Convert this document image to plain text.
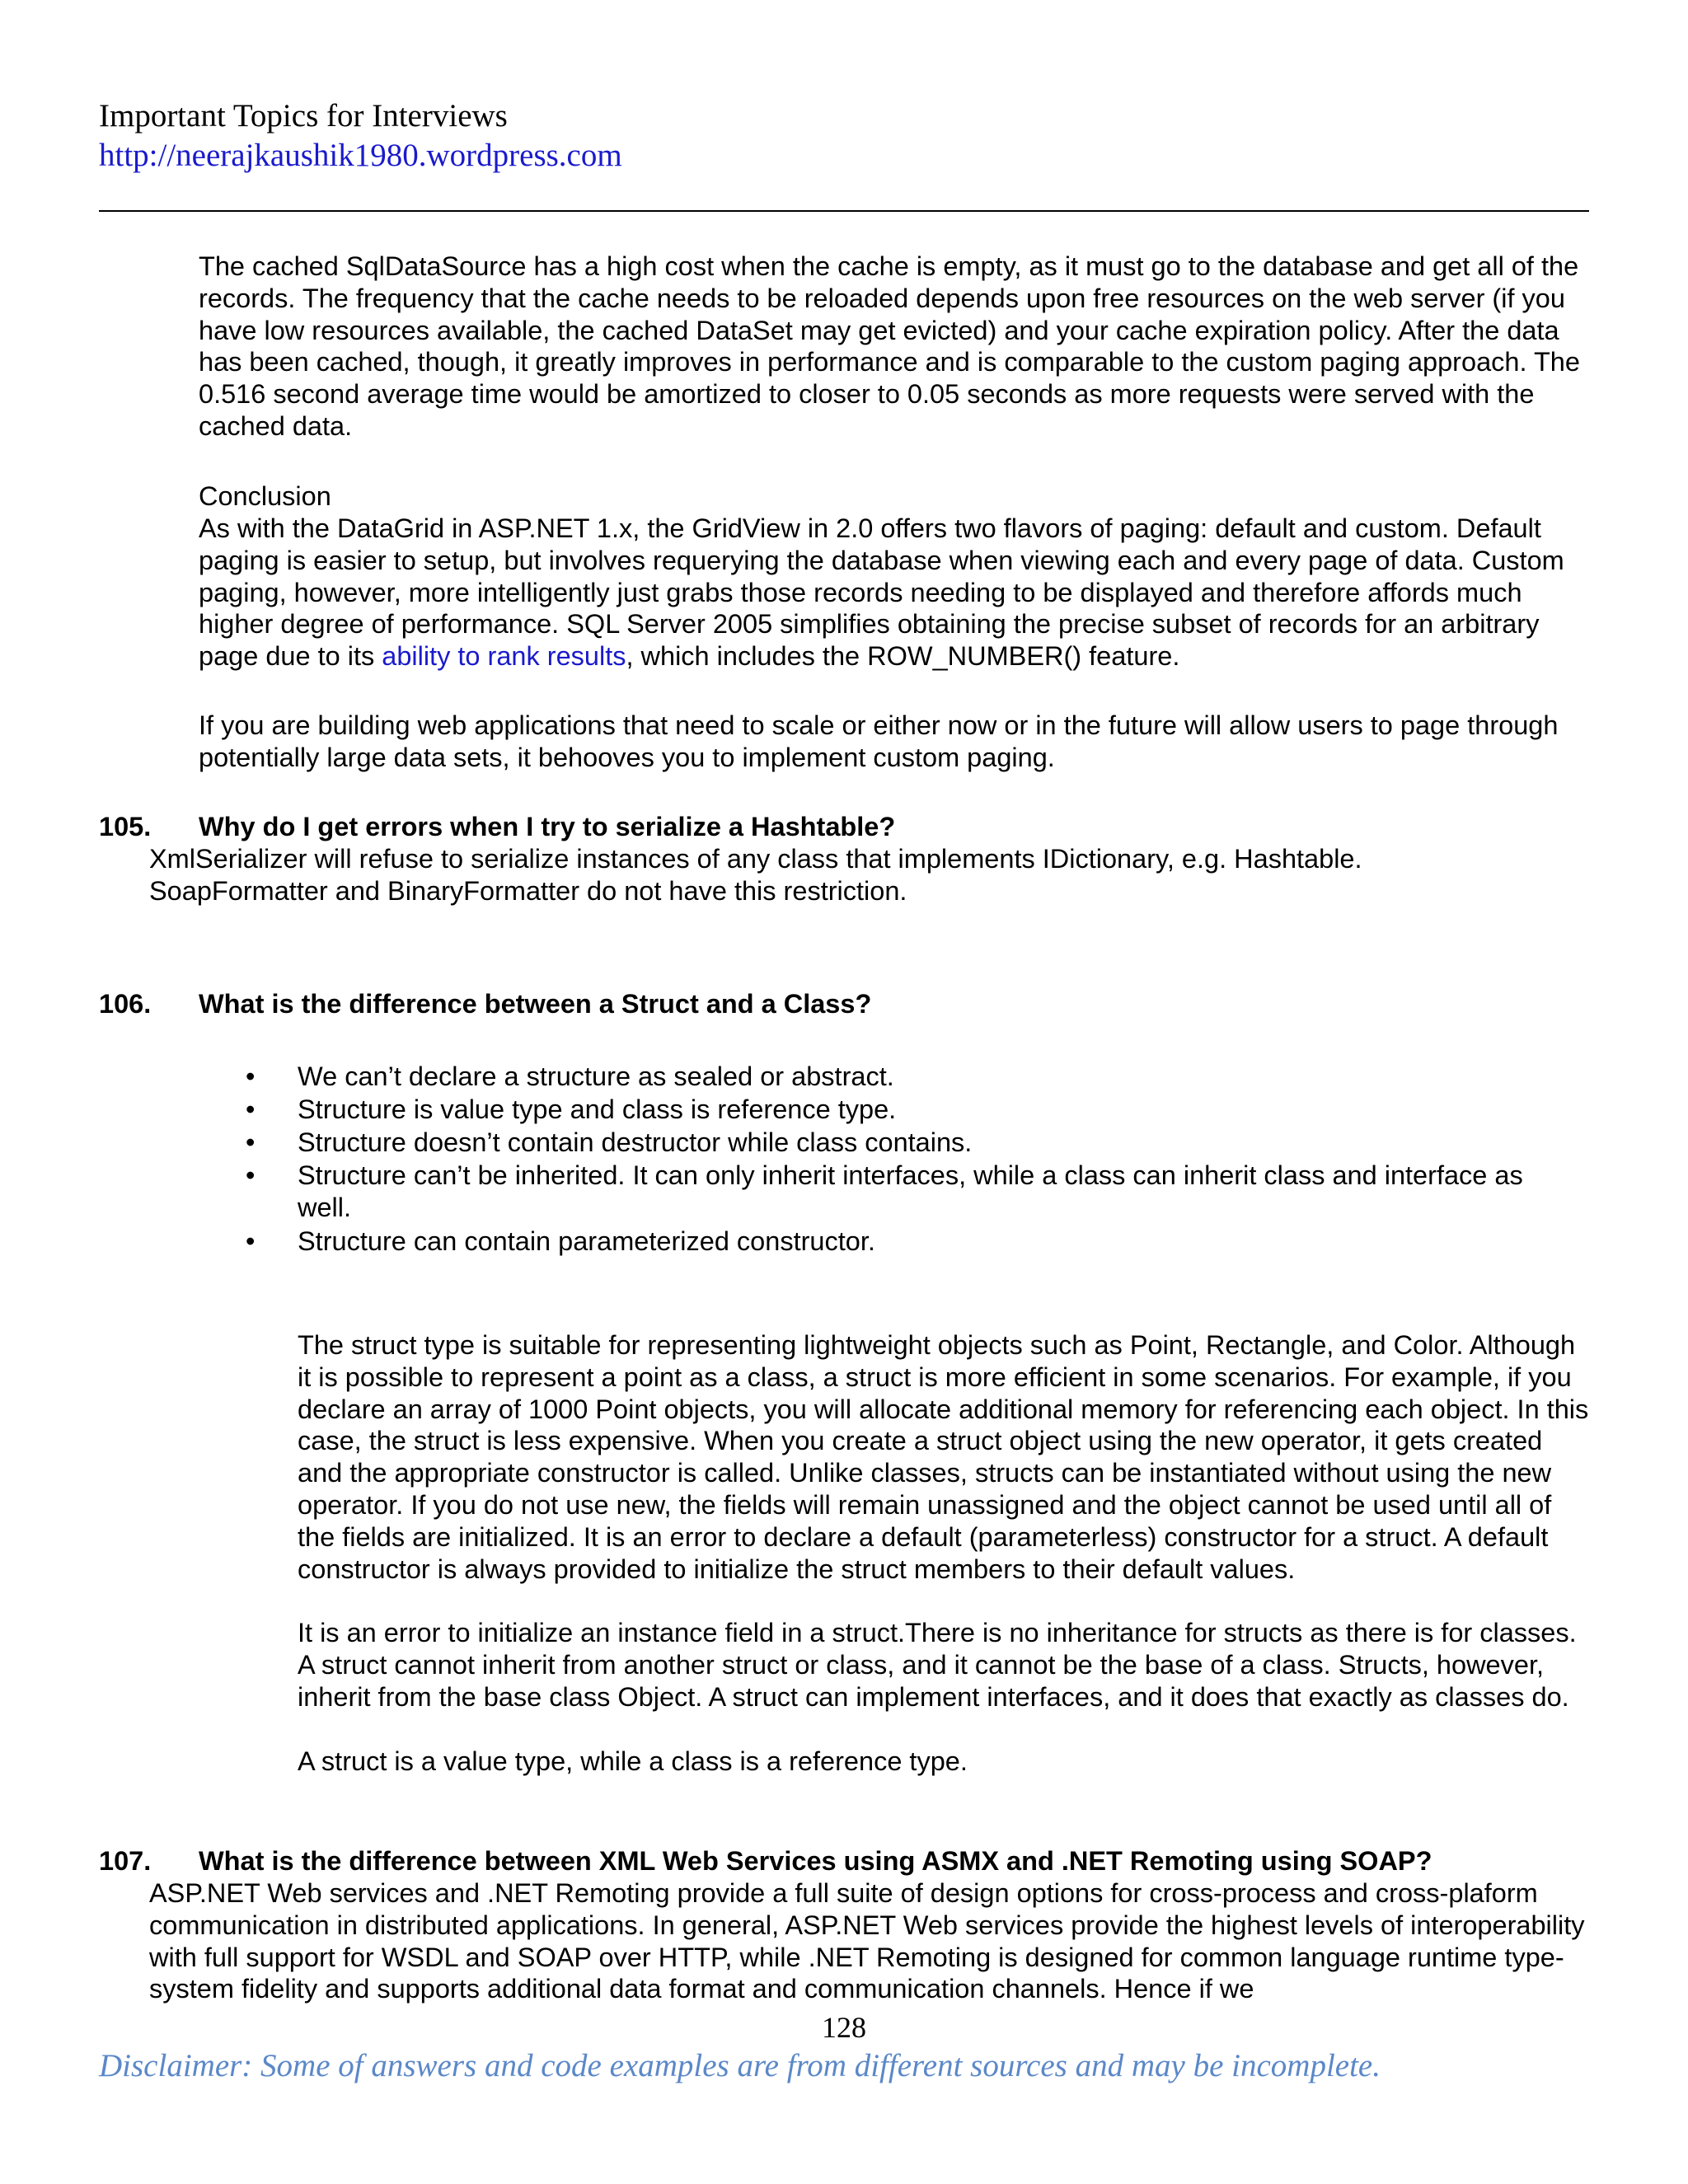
Important Topics for Interviews
http://neerajkaushik1980.wordpress.com

The cached SqlDataSource has a high cost when the cache is empty, as it must go to the database and get all of the records. The frequency that the cache needs to be reloaded depends upon free resources on the web server (if you have low resources available, the cached DataSet may get evicted) and your cache expiration policy. After the data has been cached, though, it greatly improves in performance and is comparable to the custom paging approach. The 0.516 second average time would be amortized to closer to 0.05 seconds as more requests were served with the cached data.

Conclusion

As with the DataGrid in ASP.NET 1.x, the GridView in 2.0 offers two flavors of paging: default and custom. Default paging is easier to setup, but involves requerying the database when viewing each and every page of data. Custom paging, however, more intelligently just grabs those records needing to be displayed and therefore affords much higher degree of performance. SQL Server 2005 simplifies obtaining the precise subset of records for an arbitrary page due to its ability to rank results, which includes the ROW_NUMBER() feature.

If you are building web applications that need to scale or either now or in the future will allow users to page through potentially large data sets, it behooves you to implement custom paging.

105. Why do I get errors when I try to serialize a Hashtable?

XmlSerializer will refuse to serialize instances of any class that implements IDictionary, e.g. Hashtable. SoapFormatter and BinaryFormatter do not have this restriction.

106. What is the difference between a Struct and a Class?
• We can’t declare a structure as sealed or abstract.
• Structure is value type and class is reference type.
• Structure doesn’t contain destructor while class contains.
• Structure can’t be inherited. It can only inherit interfaces, while a class can inherit class and interface as well.
• Structure can contain parameterized constructor.

The struct type is suitable for representing lightweight objects such as Point, Rectangle, and Color. Although it is possible to represent a point as a class, a struct is more efficient in some scenarios. For example, if you declare an array of 1000 Point objects, you will allocate additional memory for referencing each object. In this case, the struct is less expensive. When you create a struct object using the new operator, it gets created and the appropriate constructor is called. Unlike classes, structs can be instantiated without using the new operator. If you do not use new, the fields will remain unassigned and the object cannot be used until all of the fields are initialized. It is an error to declare a default (parameterless) constructor for a struct. A default constructor is always provided to initialize the struct members to their default values.

It is an error to initialize an instance field in a struct.There is no inheritance for structs as there is for classes. A struct cannot inherit from another struct or class, and it cannot be the base of a class. Structs, however, inherit from the base class Object. A struct can implement interfaces, and it does that exactly as classes do.

A struct is a value type, while a class is a reference type.

107. What is the difference between XML Web Services using ASMX and .NET Remoting using SOAP?

ASP.NET Web services and .NET Remoting provide a full suite of design options for cross-process and cross-plaform communication in distributed applications. In general, ASP.NET Web services provide the highest levels of interoperability with full support for WSDL and SOAP over HTTP, while .NET Remoting is designed for common language runtime type-system fidelity and supports additional data format and communication channels. Hence if we

128
Disclaimer: Some of answers and code examples are from different sources and may be incomplete.
